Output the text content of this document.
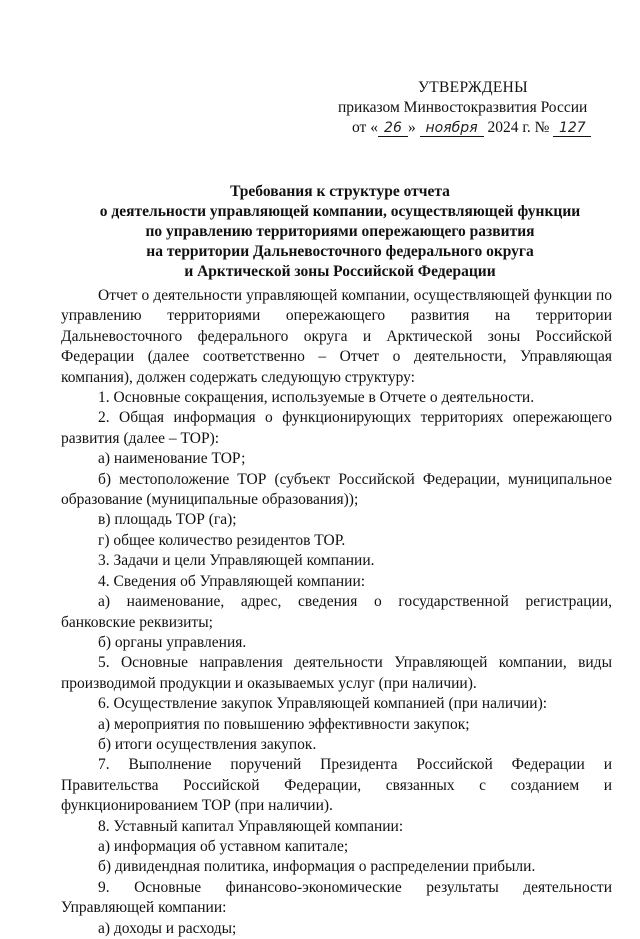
УТВЕРЖДЕНЫ
приказом Минвостокразвития России
от « 26 » ноября 2024 г. № 127
Требования к структуре отчета
о деятельности управляющей компании, осуществляющей функции
по управлению территориями опережающего развития
на территории Дальневосточного федерального округа
и Арктической зоны Российской Федерации

Отчет о деятельности управляющей компании, осуществляющей функции по управлению территориями опережающего развития на территории Дальневосточного федерального округа и Арктической зоны Российской Федерации (далее соответственно – Отчет о деятельности, Управляющая компания), должен содержать следующую структуру:

1. Основные сокращения, используемые в Отчете о деятельности.

2. Общая информация о функционирующих территориях опережающего развития (далее – ТОР):

а) наименование ТОР;

б) местоположение ТОР (субъект Российской Федерации, муниципальное образование (муниципальные образования));

в) площадь ТОР (га);

г) общее количество резидентов ТОР.

3. Задачи и цели Управляющей компании.

4. Сведения об Управляющей компании:

а) наименование, адрес, сведения о государственной регистрации, банковские реквизиты;

б) органы управления.

5. Основные направления деятельности Управляющей компании, виды производимой продукции и оказываемых услуг (при наличии).

6. Осуществление закупок Управляющей компанией (при наличии):

а) мероприятия по повышению эффективности закупок;

б) итоги осуществления закупок.

7. Выполнение поручений Президента Российской Федерации и Правительства Российской Федерации, связанных с созданием и функционированием ТОР (при наличии).

8. Уставный капитал Управляющей компании:

а) информация об уставном капитале;

б) дивидендная политика, информация о распределении прибыли.

9. Основные финансово-экономические результаты деятельности Управляющей компании:

а) доходы и расходы;
